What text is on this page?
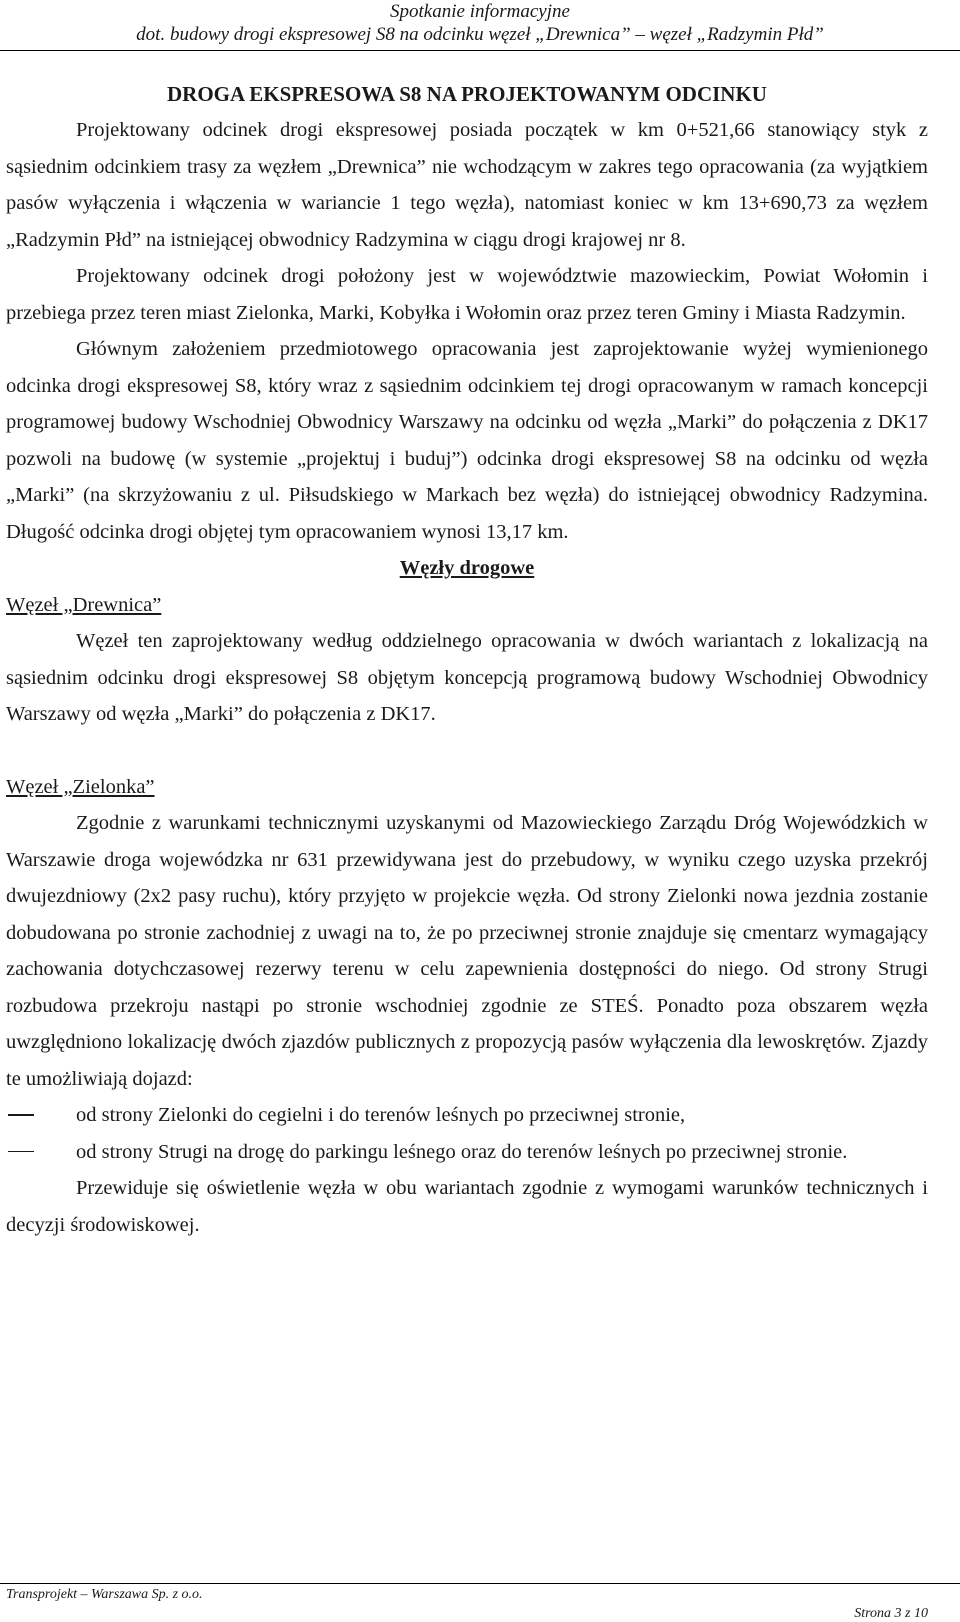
Spotkanie informacyjne
dot. budowy drogi ekspresowej S8 na odcinku węzeł „Drewnica” – węzeł „Radzymin Płd”

DROGA EKSPRESOWA S8 NA PROJEKTOWANYM ODCINKU

Projektowany odcinek drogi ekspresowej posiada początek w km 0+521,66 stanowiący styk z sąsiednim odcinkiem trasy za węzłem „Drewnica” nie wchodzącym w zakres tego opracowania (za wyjątkiem pasów wyłączenia i włączenia w wariancie 1 tego węzła), natomiast koniec w km 13+690,73 za węzłem „Radzymin Płd” na istniejącej obwodnicy Radzymina w ciągu drogi krajowej nr 8.

Projektowany odcinek drogi położony jest w województwie mazowieckim, Powiat Wołomin i przebiega przez teren miast Zielonka, Marki, Kobyłka i Wołomin oraz przez teren Gminy i Miasta Radzymin.

Głównym założeniem przedmiotowego opracowania jest zaprojektowanie wyżej wymienionego odcinka drogi ekspresowej S8, który wraz z sąsiednim odcinkiem tej drogi opracowanym w ramach koncepcji programowej budowy Wschodniej Obwodnicy Warszawy na odcinku od węzła „Marki” do połączenia z DK17 pozwoli na budowę (w systemie „projektuj i buduj”) odcinka drogi ekspresowej S8 na odcinku od węzła „Marki” (na skrzyżowaniu z ul. Piłsudskiego w Markach bez węzła) do istniejącej obwodnicy Radzymina. Długość odcinka drogi objętej tym opracowaniem wynosi 13,17 km.

Węzły drogowe

Węzeł „Drewnica”

Węzeł ten zaprojektowany według oddzielnego opracowania w dwóch wariantach z lokalizacją na sąsiednim odcinku drogi ekspresowej S8 objętym koncepcją programową budowy Wschodniej Obwodnicy Warszawy od węzła „Marki” do połączenia z DK17.

Węzeł „Zielonka”

Zgodnie z warunkami technicznymi uzyskanymi od Mazowieckiego Zarządu Dróg Wojewódzkich w Warszawie droga wojewódzka nr 631 przewidywana jest do przebudowy, w wyniku czego uzyska przekrój dwujezdniowy (2x2 pasy ruchu), który przyjęto w projekcie węzła. Od strony Zielonki nowa jezdnia zostanie dobudowana po stronie zachodniej z uwagi na to, że po przeciwnej stronie znajduje się cmentarz wymagający zachowania dotychczasowej rezerwy terenu w celu zapewnienia dostępności do niego. Od strony Strugi rozbudowa przekroju nastąpi po stronie wschodniej zgodnie ze STEŚ. Ponadto poza obszarem węzła uwzględniono lokalizację dwóch zjazdów publicznych z propozycją pasów wyłączenia dla lewoskrętów. Zjazdy te umożliwiają dojazd:

od strony Zielonki do cegielni i do terenów leśnych po przeciwnej stronie,
od strony Strugi na drogę do parkingu leśnego oraz do terenów leśnych po przeciwnej stronie.

Przewiduje się oświetlenie węzła w obu wariantach zgodnie z wymogami warunków technicznych i decyzji środowiskowej.

Transprojekt – Warszawa Sp. z o.o.
Strona 3 z 10
